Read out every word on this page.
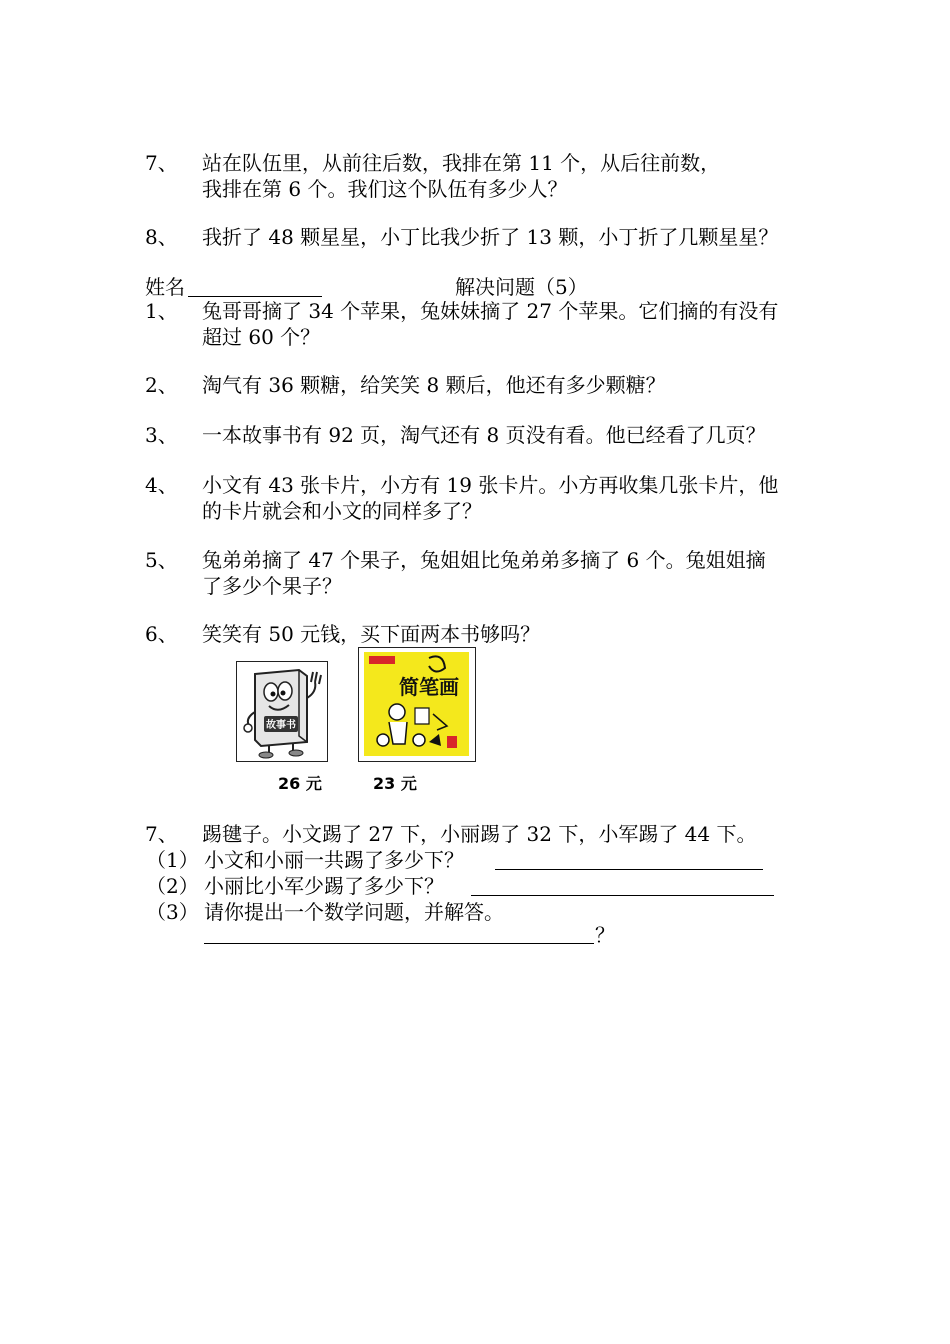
7、 站在队伍里，从前往后数，我排在第 11 个，从后往前数，
我排在第 6 个。我们这个队伍有多少人？
8、 我折了 48 颗星星，小丁比我少折了 13 颗，小丁折了几颗星星？
姓名	解决问题（5）
1、 兔哥哥摘了 34 个苹果，兔妹妹摘了 27 个苹果。它们摘的有没有
超过 60 个？
2、 淘气有 36 颗糖，给笑笑 8 颗后，他还有多少颗糖？
3、 一本故事书有 92 页，淘气还有 8 页没有看。他已经看了几页？
4、 小文有 43 张卡片，小方有 19 张卡片。小方再收集几张卡片，他
的卡片就会和小文的同样多了？
5、 兔弟弟摘了 47 个果子，兔姐姐比兔弟弟多摘了 6 个。兔姐姐摘
了多少个果子？
6、 笑笑有 50 元钱，买下面两本书够吗？
故事书
简笔画
26 元	23 元
7、 踢毽子。小文踢了 27 下，小丽踢了 32 下，小军踢了 44 下。
（1） 小文和小丽一共踢了多少下？
（2） 小丽比小军少踢了多少下？
（3） 请你提出一个数学问题，并解答。
？
